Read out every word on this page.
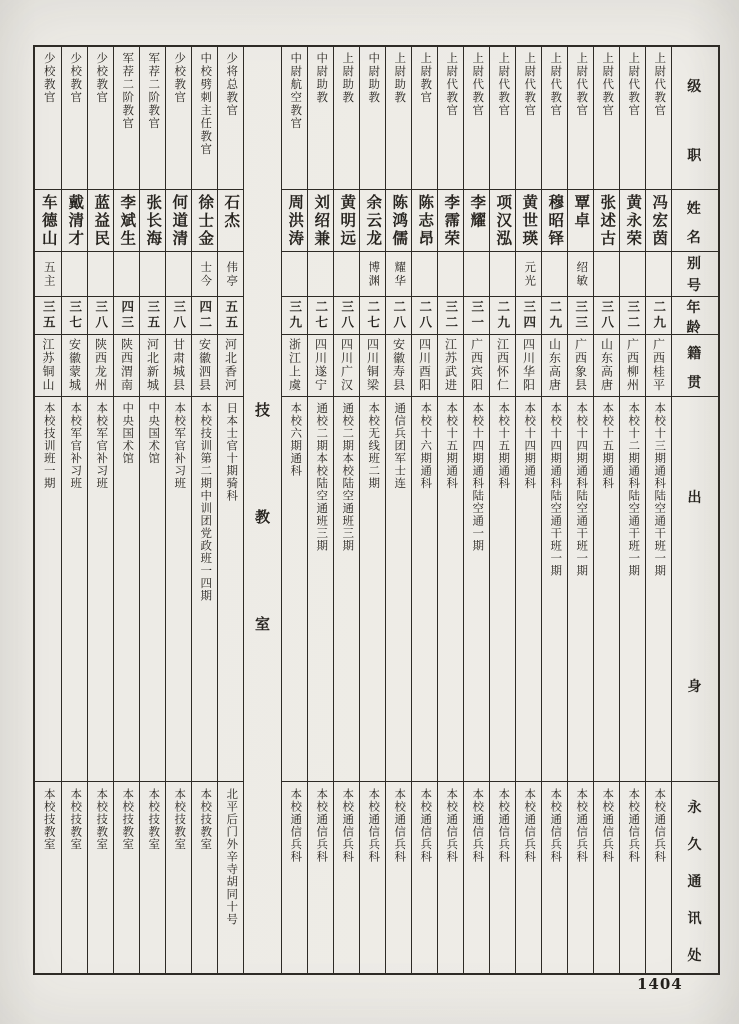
级
职
姓
名
别
号
年
龄
籍
贯
出
身
永
久
通
讯
处
上尉代教官
冯宏茵
二九
广西桂平
本校十三期通科陆空通干班一期
本校通信兵科
上尉代教官
黄永荣
三二
广西柳州
本校十二期通科陆空通干班一期
本校通信兵科
上尉代教官
张述古
三八
山东高唐
本校十五期通科
本校通信兵科
上尉代教官
覃卓
绍敏
三三
广西象县
本校十四期通科陆空通干班一期
本校通信兵科
上尉代教官
穆昭铎
二九
山东高唐
本校十四期通科陆空通干班一期
本校通信兵科
上尉代教官
黄世瑛
元光
三四
四川华阳
本校十四期通科
本校通信兵科
上尉代教官
项汉泓
二九
江西怀仁
本校十五期通科
本校通信兵科
上尉代教官
李耀
三一
广西宾阳
本校十四期通科陆空通一期
本校通信兵科
上尉代教官
李霈荣
三二
江苏武进
本校十五期通科
本校通信兵科
上尉教官
陈志昂
二八
四川酉阳
本校十六期通科
本校通信兵科
上尉助教
陈鸿儒
耀华
二八
安徽寿县
通信兵团军士连
本校通信兵科
中尉助教
余云龙
博渊
二七
四川铜梁
本校无线班二期
本校通信兵科
上尉助教
黄明远
三八
四川广汉
通校二期本校陆空通班三期
本校通信兵科
中尉助教
刘绍兼
二七
四川遂宁
通校二期本校陆空通班三期
本校通信兵科
中尉航空教官
周洪涛
三九
浙江上虞
本校六期通科
本校通信兵科
技
教
室
少将总教官
石杰
伟亭
五五
河北香河
日本士官十期骑科
北平后门外辛寺胡同十号
中校劈刺主任教官
徐士金
士今
四二
安徽泗县
本校技训第二期中训团党政班一四期
本校技教室
少校教官
何道清
三八
甘肃城县
本校军官补习班
本校技教室
军荐二阶教官
张长海
三五
河北新城
中央国术馆
本校技教室
军荐二阶教官
李斌生
四三
陕西渭南
中央国术馆
本校技教室
少校教官
蓝益民
三八
陕西龙州
本校军官补习班
本校技教室
少校教官
戴清才
三七
安徽蒙城
本校军官补习班
本校技教室
少校教官
车德山
五主
三五
江苏铜山
本校技训班一期
本校技教室
1404
